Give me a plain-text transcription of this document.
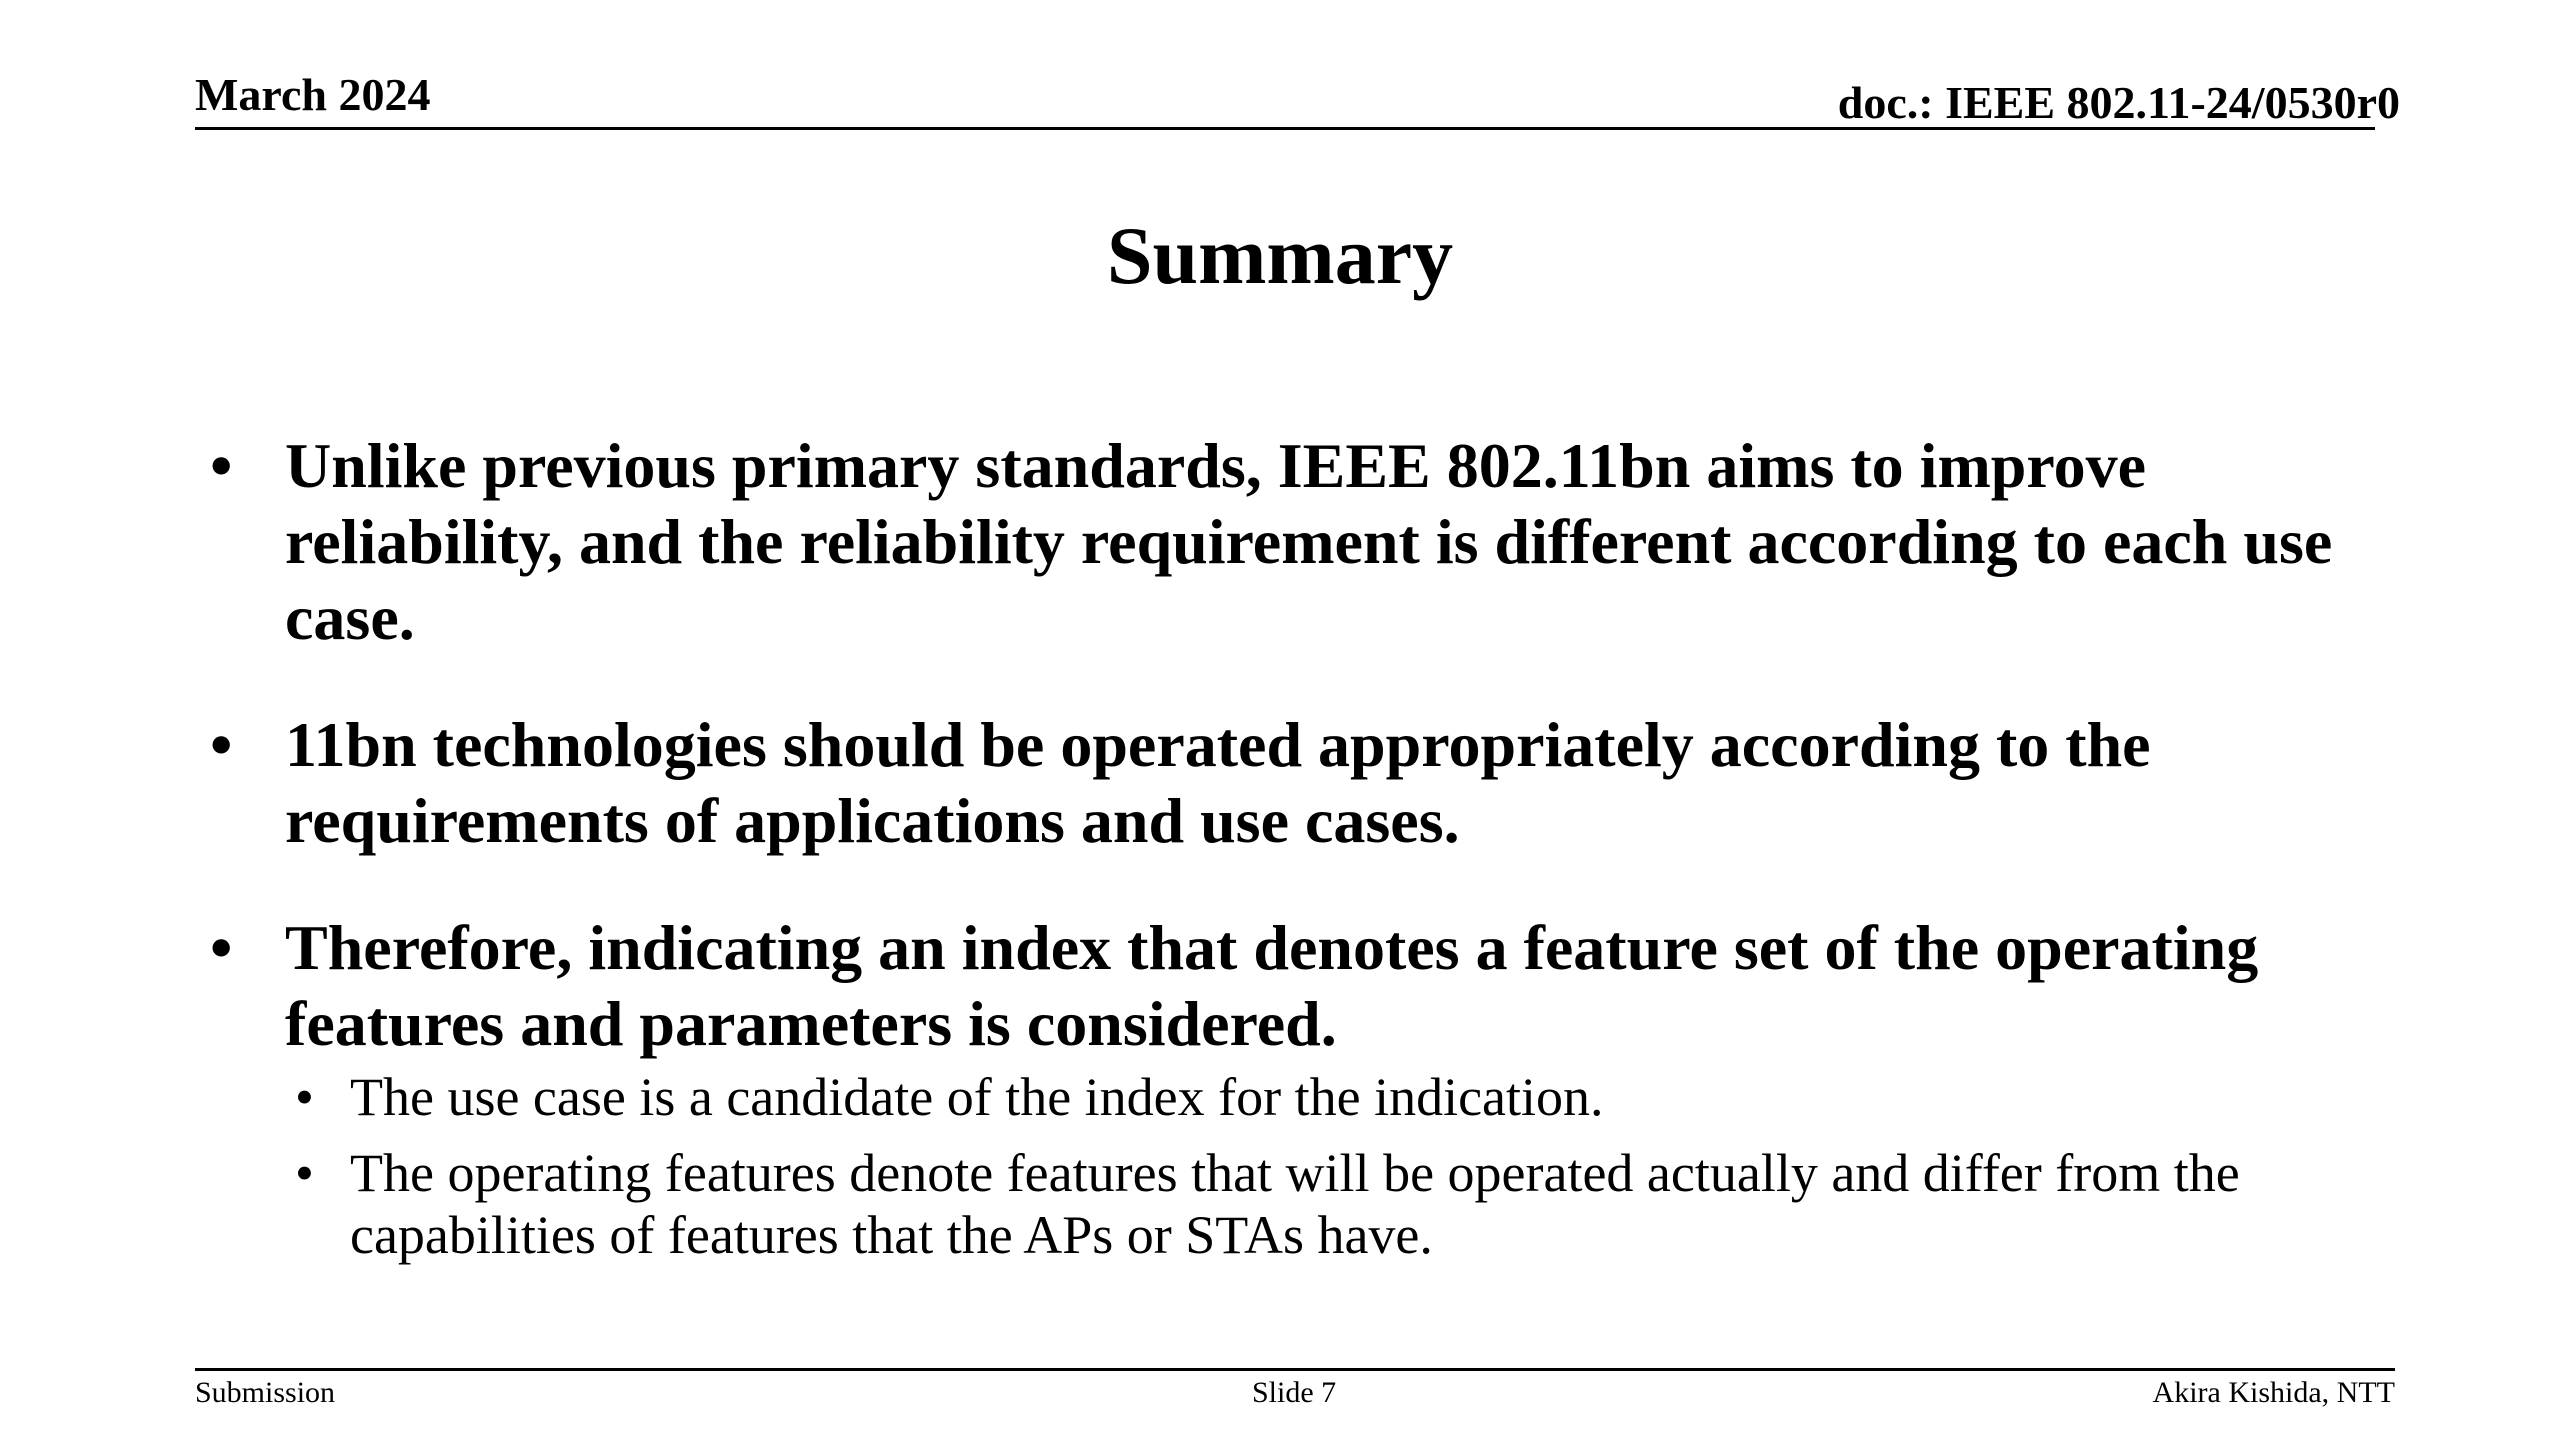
March 2024	doc.: IEEE 802.11-24/0530r0
Summary
• Unlike previous primary standards, IEEE 802.11bn aims to improve reliability, and the reliability requirement is different according to each use case.
• 11bn technologies should be operated appropriately according to the requirements of applications and use cases.
• Therefore, indicating an index that denotes a feature set of the operating features and parameters is considered.
• The use case is a candidate of the index for the indication.
• The operating features denote features that will be operated actually and differ from the capabilities of features that the APs or STAs have.
Submission	Slide 7	Akira Kishida, NTT
